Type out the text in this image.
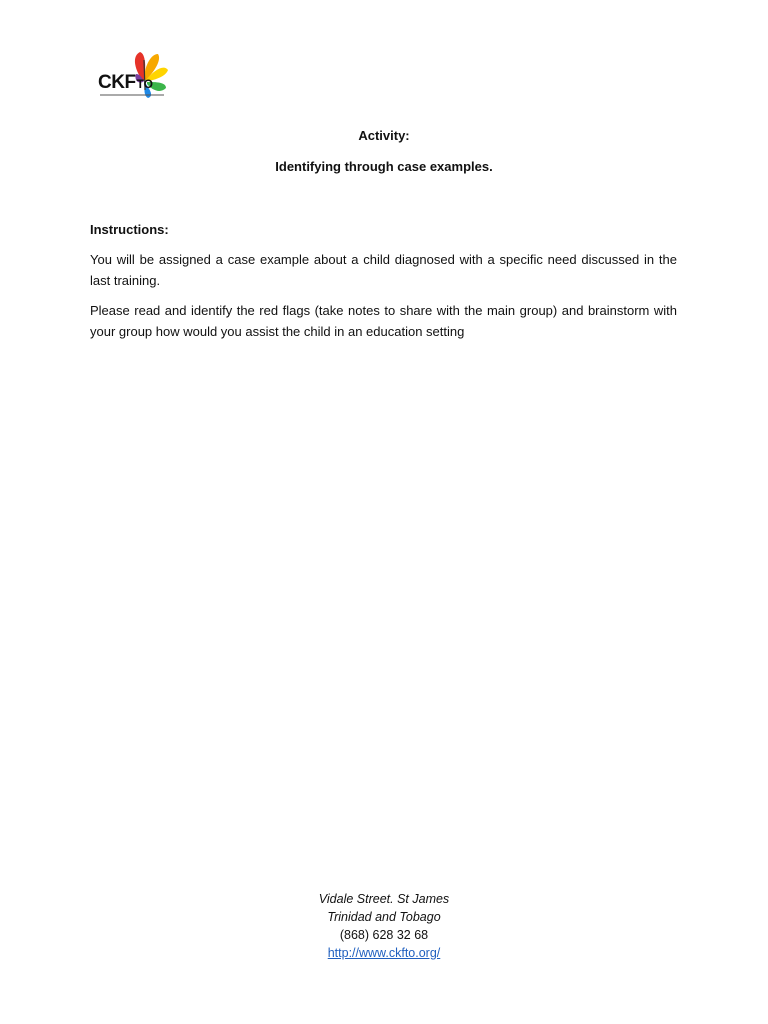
CKFTO
Activity:
Identifying through case examples.
Instructions:
You will be assigned a case example about a child diagnosed with a specific need discussed in the last training.
Please read and identify the red flags (take notes to share with the main group) and brainstorm with your group how would you assist the child in an education setting
Vidale Street. St James
Trinidad and Tobago
(868) 628 32 68
http://www.ckfto.org/
